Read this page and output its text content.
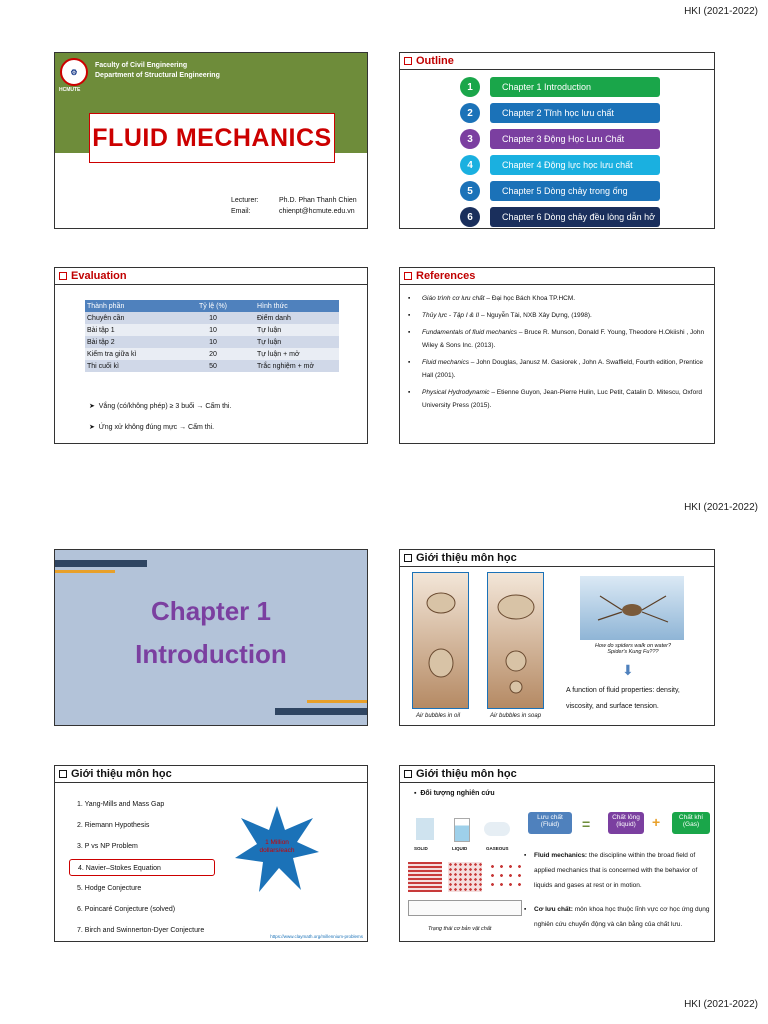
HKI (2021-2022)
HKI (2021-2022)
HKI (2021-2022)
⚙
HCMUTE
Faculty of Civil Engineering
Department of Structural Engineering
FLUID MECHANICS
Lecturer:	Ph.D. Phan Thanh Chien
Email:	chienpt@hcmute.edu.vn
Outline
1	Chapter 1 Introduction
2	Chapter 2 Tĩnh học lưu chất
3	Chapter 3 Động Học Lưu Chất
4	Chapter 4 Động lực học lưu chất
5	Chapter 5 Dòng chảy trong ống
6	Chapter 6 Dòng chảy đều lòng dẫn hở
Evaluation
Thành phần	Tỷ lệ (%)	Hình thức
Chuyên cần	10	Điểm danh
Bài tập 1	10	Tự luận
Bài tập 2	10	Tự luận
Kiểm tra giữa kì	20	Tự luận + mở
Thi cuối kì	50	Trắc nghiệm + mở
➤  Vắng (có/không phép) ≥ 3 buổi → Cấm thi.
➤  Ứng xử không đúng mực → Cấm thi.
References
▪ Giáo trình cơ lưu chất – Đại học Bách Khoa TP.HCM.
▪ Thủy lực - Tập I & II – Nguyễn Tài, NXB Xây Dựng, (1998).
▪ Fundamentals of fluid mechanics – Bruce R. Munson, Donald F. Young, Theodore H.Okiishi , John Wiley & Sons Inc. (2013).
▪ Fluid mechanics – John Douglas, Janusz M. Gasiorek , John A. Swaffield, Fourth edition, Prentice Hall (2001).
▪ Physical Hydrodynamic – Etienne Guyon, Jean-Pierre Hulin, Luc Petit, Catalin D. Mitescu, Oxford University Press (2015).
Chapter 1
Introduction
Giới thiệu môn học
Air bubbles in oil	Air bubbles in soap
How do spiders walk on water? Spider's Kung Fu???
⬇
A function of fluid properties: density, viscosity, and surface tension.
Giới thiệu môn học
1. Yang-Mills and Mass Gap
2. Riemann Hypothesis
3. P vs NP Problem
4. Navier–Stokes Equation
5. Hodge Conjecture
6. Poincaré Conjecture (solved)
7. Birch and Swinnerton-Dyer Conjecture
1 Million dollars/each
https://www.claymath.org/millennium-problems
Giới thiệu môn học
▪  Đối tượng nghiên cứu
SOLID	LIQUID	GASEOUS
Trạng thái cơ bản vật chất
Lưu chất (Fluid)	=	Chất lỏng (liquid)	+	Chất khí (Gas)
▪ Fluid mechanics: the discipline within the broad field of applied mechanics that is concerned with the behavior of liquids and gases at rest or in motion.
▪ Cơ lưu chất: môn khoa học thuộc lĩnh vực cơ học ứng dụng nghiên cứu chuyển động và cân bằng của chất lưu.
